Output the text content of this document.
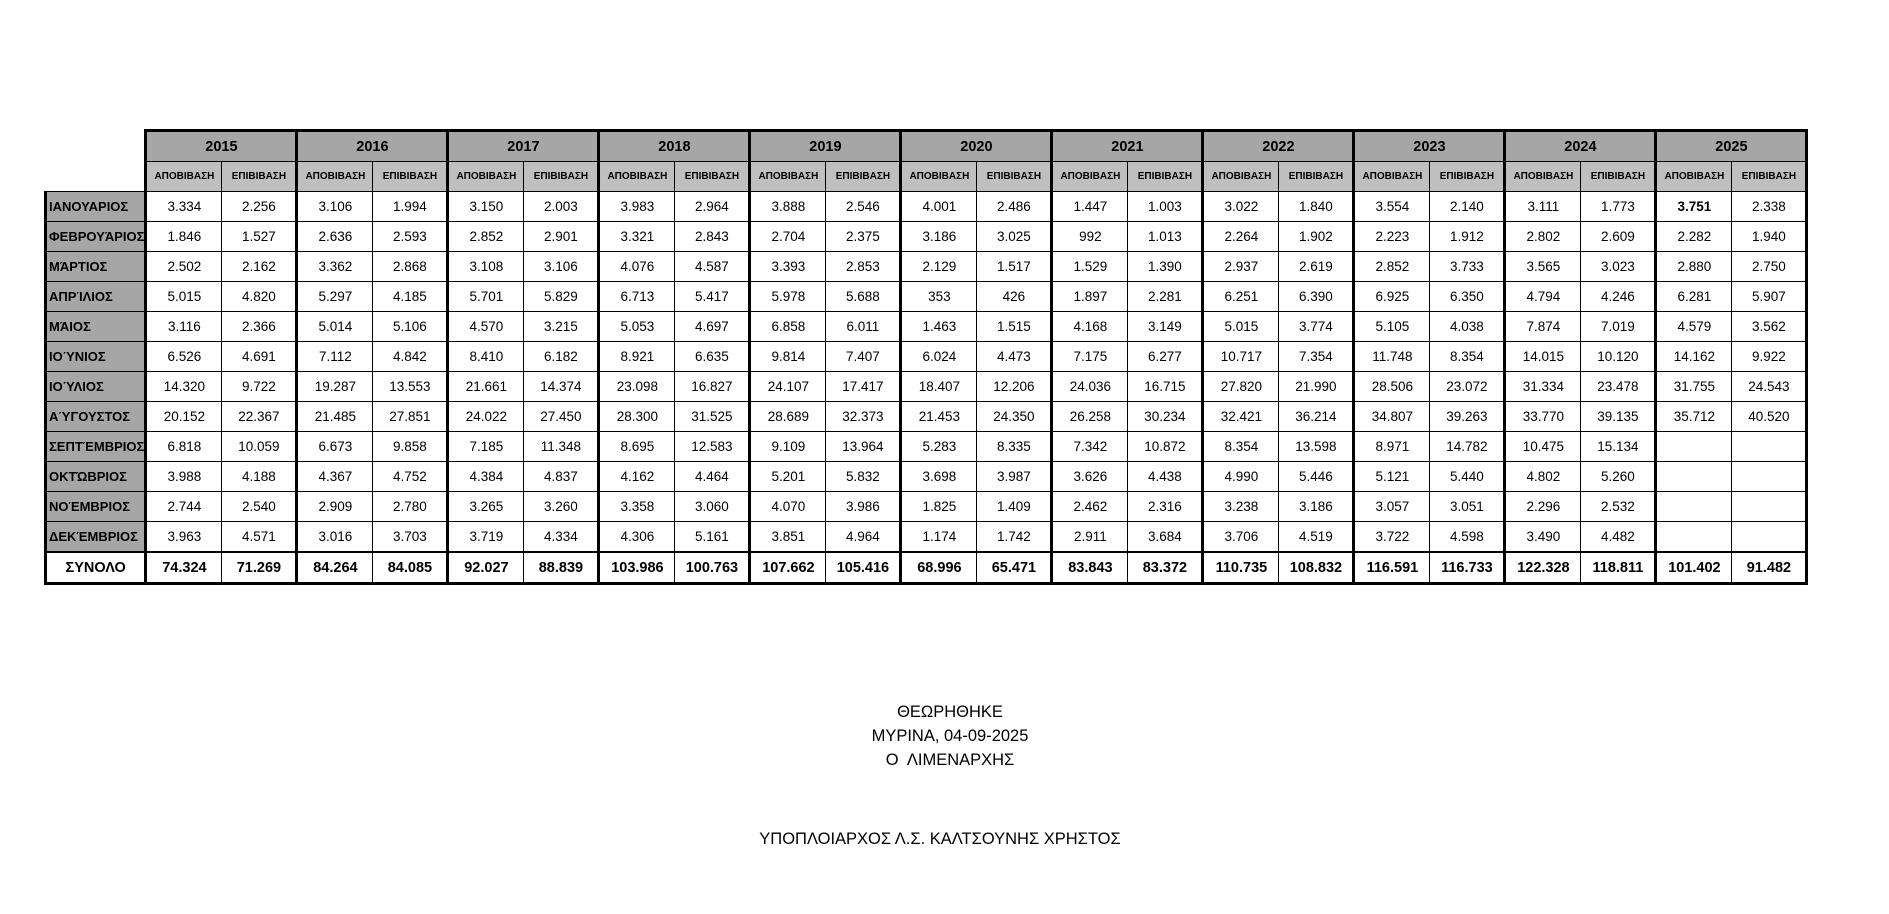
	2015		2016		2017		2018		2019		2020		2021		2022		2023		2024		2025	
	ΑΠΟΒΙΒΑΣΗ	ΕΠΙΒΙΒΑΣΗ	ΑΠΟΒΙΒΑΣΗ	ΕΠΙΒΙΒΑΣΗ	ΑΠΟΒΙΒΑΣΗ	ΕΠΙΒΙΒΑΣΗ	ΑΠΟΒΙΒΑΣΗ	ΕΠΙΒΙΒΑΣΗ	ΑΠΟΒΙΒΑΣΗ	ΕΠΙΒΙΒΑΣΗ	ΑΠΟΒΙΒΑΣΗ	ΕΠΙΒΙΒΑΣΗ	ΑΠΟΒΙΒΑΣΗ	ΕΠΙΒΙΒΑΣΗ	ΑΠΟΒΙΒΑΣΗ	ΕΠΙΒΙΒΑΣΗ	ΑΠΟΒΙΒΑΣΗ	ΕΠΙΒΙΒΑΣΗ	ΑΠΟΒΙΒΑΣΗ	ΕΠΙΒΙΒΑΣΗ	ΑΠΟΒΙΒΑΣΗ	ΕΠΙΒΙΒΑΣΗ
ΙΑΝΟΥΑΡΙΟΣ	3.334	2.256	3.106	1.994	3.150	2.003	3.983	2.964	3.888	2.546	4.001	2.486	1.447	1.003	3.022	1.840	3.554	2.140	3.111	1.773	3.751	2.338
ΦΕΒΡΟΥΆΡΙΟΣ	1.846	1.527	2.636	2.593	2.852	2.901	3.321	2.843	2.704	2.375	3.186	3.025	992	1.013	2.264	1.902	2.223	1.912	2.802	2.609	2.282	1.940
ΜΆΡΤΙΟΣ	2.502	2.162	3.362	2.868	3.108	3.106	4.076	4.587	3.393	2.853	2.129	1.517	1.529	1.390	2.937	2.619	2.852	3.733	3.565	3.023	2.880	2.750
ΑΠΡΊΛΙΟΣ	5.015	4.820	5.297	4.185	5.701	5.829	6.713	5.417	5.978	5.688	353	426	1.897	2.281	6.251	6.390	6.925	6.350	4.794	4.246	6.281	5.907
ΜΆΙΟΣ	3.116	2.366	5.014	5.106	4.570	3.215	5.053	4.697	6.858	6.011	1.463	1.515	4.168	3.149	5.015	3.774	5.105	4.038	7.874	7.019	4.579	3.562
ΙΟΎΝΙΟΣ	6.526	4.691	7.112	4.842	8.410	6.182	8.921	6.635	9.814	7.407	6.024	4.473	7.175	6.277	10.717	7.354	11.748	8.354	14.015	10.120	14.162	9.922
ΙΟΎΛΙΟΣ	14.320	9.722	19.287	13.553	21.661	14.374	23.098	16.827	24.107	17.417	18.407	12.206	24.036	16.715	27.820	21.990	28.506	23.072	31.334	23.478	31.755	24.543
ΑΎΓΟΥΣΤΟΣ	20.152	22.367	21.485	27.851	24.022	27.450	28.300	31.525	28.689	32.373	21.453	24.350	26.258	30.234	32.421	36.214	34.807	39.263	33.770	39.135	35.712	40.520
ΣΕΠΤΈΜΒΡΙΟΣ	6.818	10.059	6.673	9.858	7.185	11.348	8.695	12.583	9.109	13.964	5.283	8.335	7.342	10.872	8.354	13.598	8.971	14.782	10.475	15.134		
ΟΚΤΏΒΡΙΟΣ	3.988	4.188	4.367	4.752	4.384	4.837	4.162	4.464	5.201	5.832	3.698	3.987	3.626	4.438	4.990	5.446	5.121	5.440	4.802	5.260		
ΝΟΈΜΒΡΙΟΣ	2.744	2.540	2.909	2.780	3.265	3.260	3.358	3.060	4.070	3.986	1.825	1.409	2.462	2.316	3.238	3.186	3.057	3.051	2.296	2.532		
ΔΕΚΈΜΒΡΙΟΣ	3.963	4.571	3.016	3.703	3.719	4.334	4.306	5.161	3.851	4.964	1.174	1.742	2.911	3.684	3.706	4.519	3.722	4.598	3.490	4.482		
ΣΥΝΟΛΟ	74.324	71.269	84.264	84.085	92.027	88.839	103.986	100.763	107.662	105.416	68.996	65.471	83.843	83.372	110.735	108.832	116.591	116.733	122.328	118.811	101.402	91.482
ΘΕΩΡΗΘΗΚΕ
ΜΥΡΙΝΑ, 04-09-2025
Ο  ΛΙΜΕΝΑΡΧΗΣ
ΥΠΟΠΛΟΙΑΡΧΟΣ Λ.Σ. ΚΑΛΤΣΟΥΝΗΣ ΧΡΗΣΤΟΣ
